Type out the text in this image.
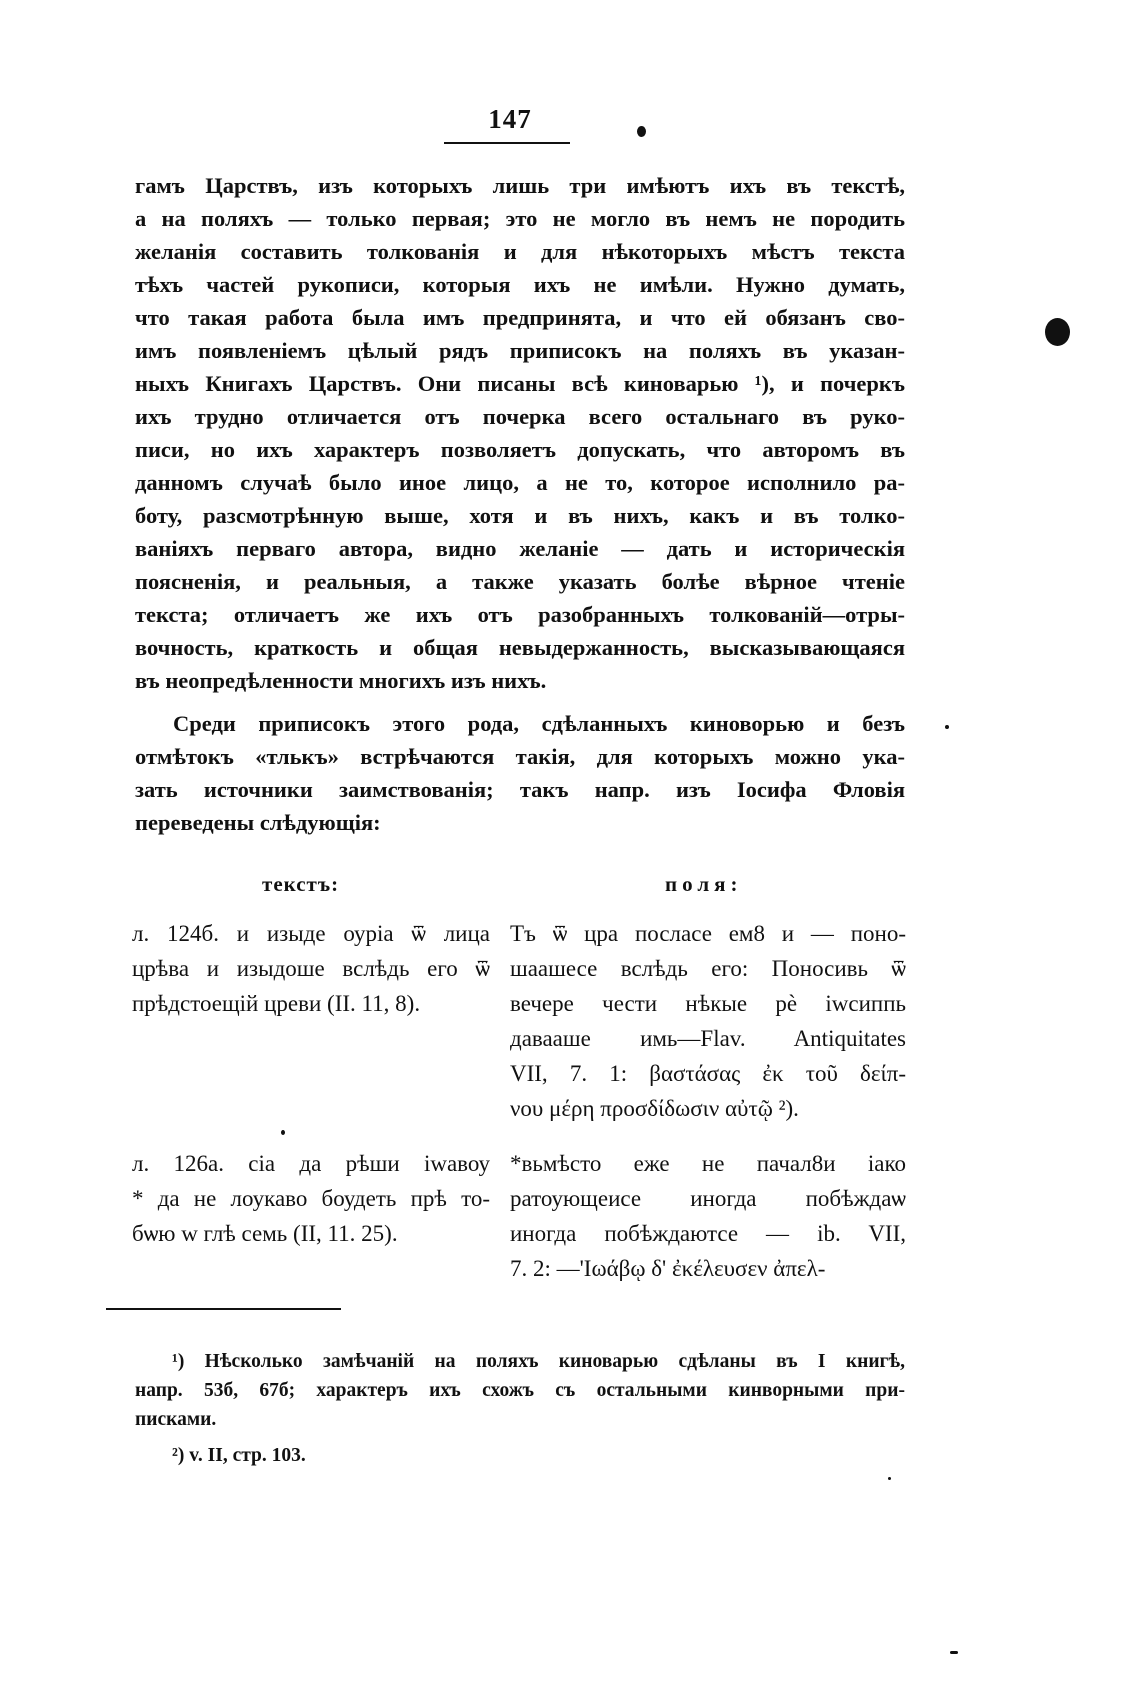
147
гамъ Царствъ, изъ которыхъ лишь три имѣютъ ихъ въ текстѣ,
а на поляхъ — только первая; это не могло въ немъ не породить
желанія составить толкованія и для нѣкоторыхъ мѣстъ текста
тѣхъ частей рукописи, которыя ихъ не имѣли. Нужно думать,
что такая работа была имъ предпринята, и что ей обязанъ сво-
имъ появленіемъ цѣлый рядъ приписокъ на поляхъ въ указан-
ныхъ Книгахъ Царствъ. Они писаны всѣ киноварью ¹), и почеркъ
ихъ трудно отличается отъ почерка всего остальнаго въ руко-
писи, но ихъ характеръ позволяетъ допускать, что авторомъ въ
данномъ случаѣ было иное лицо, а не то, которое исполнило ра-
боту, разсмотрѣнную выше, хотя и въ нихъ, какъ и въ толко-
ваніяхъ перваго автора, видно желаніе — дать и историческія
поясненія, и реальныя, а также указать болѣе вѣрное чтеніе
текста; отличаетъ же ихъ отъ разобранныхъ толкованій—отры-
вочность, краткость и общая невыдержанность, высказывающаяся
въ неопредѣленности многихъ изъ нихъ.
Среди приписокъ этого рода, сдѣланныхъ киноворью и безъ
отмѣтокъ «тлькъ» встрѣчаются такія, для которыхъ можно ука-
зать источники заимствованія; такъ напр. изъ Іосифа Фловія
переведены слѣдующія:
текстъ:	поля:
л. 124б. и изыде оуріа ѿ лица
црѣва и изыдоше вслѣдь его ѿ
прѣдстоещій цреви (II. 11, 8).
Тъ ѿ цра посласе ем8 и — поно-
шаашесе вслѣдь его: Поносивь ѿ
вечере чести нѣкые рѐ іwсиппь
даваашe имь—Flav. Antiquitates
VII, 7. 1: βαστάσας ἐκ τοῦ δείπ-
νου μέρη προσδίδωσιν αὐτῷ ²).
л. 126а. сіа да рѣши іwавоу
* да не лоукаво боудеть прѣ то-
бѡю w глѣ семь (II, 11. 25).
*вьмѣсто еже не пачал8и іако
ратоующеисе иногда побѣждаѡ
иногда побѣждаютсе — ib. VII,
7. 2: —'Ιωάβῳ δ' ἐκέλευσεν ἀπελ-
¹) Нѣсколько замѣчаній на поляхъ киноварью сдѣланы въ I книгѣ,
напр. 53б, 67б; характеръ ихъ схожъ съ остальными кинворными при-
писками.
²) v. II, стр. 103.
